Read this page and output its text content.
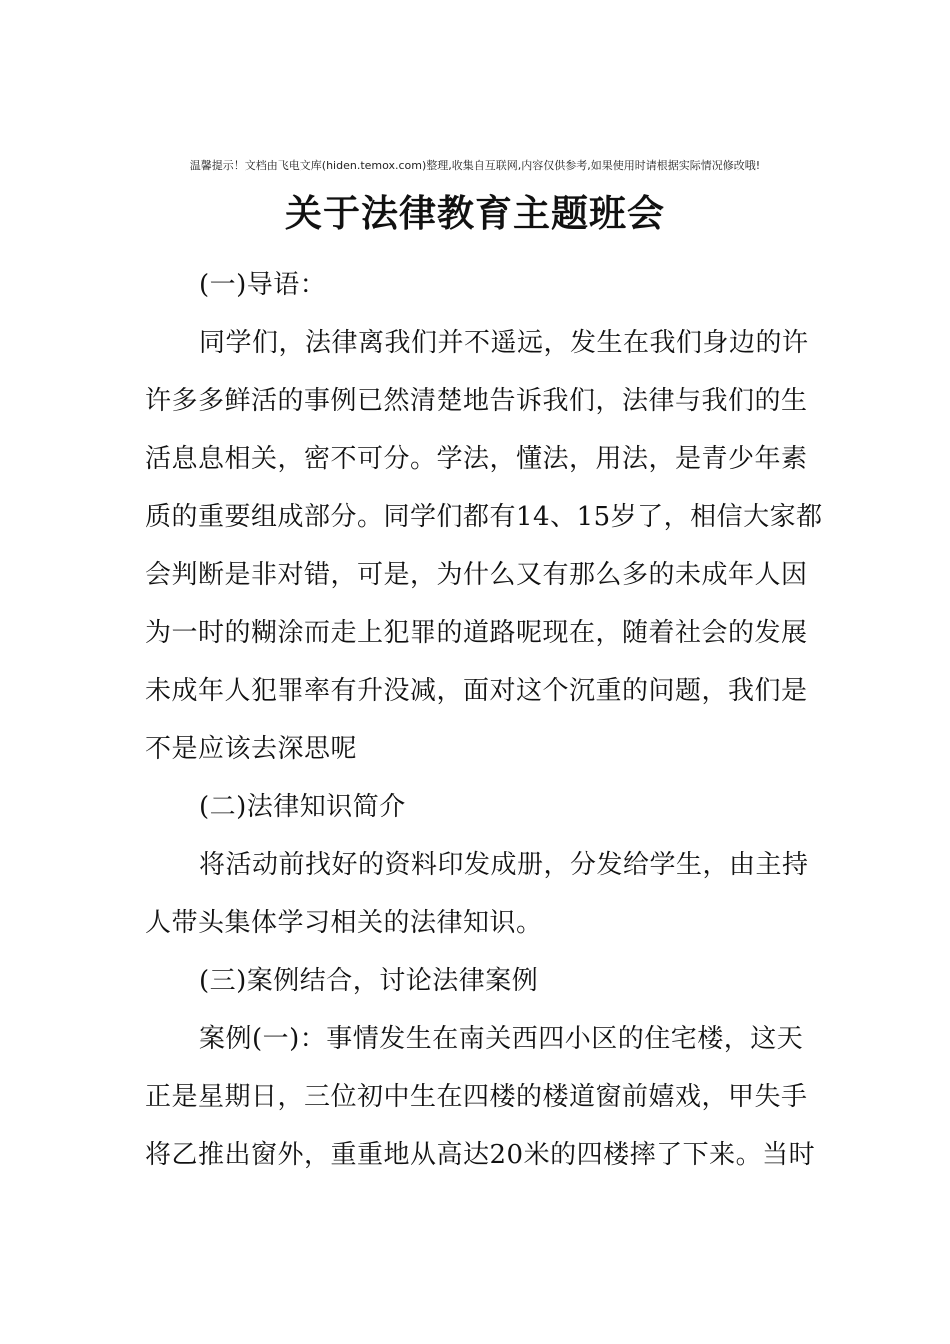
温馨提示！文档由飞电文库(hiden.temox.com)整理,收集自互联网,内容仅供参考,如果使用时请根据实际情况修改哦!
关于法律教育主题班会
(一)导语：
同学们，法律离我们并不遥远，发生在我们身边的许
许多多鲜活的事例已然清楚地告诉我们，法律与我们的生
活息息相关，密不可分。学法，懂法，用法，是青少年素
质的重要组成部分。同学们都有14、15岁了，相信大家都
会判断是非对错，可是，为什么又有那么多的未成年人因
为一时的糊涂而走上犯罪的道路呢现在，随着社会的发展
未成年人犯罪率有升没减，面对这个沉重的问题，我们是
不是应该去深思呢
(二)法律知识简介
将活动前找好的资料印发成册，分发给学生，由主持
人带头集体学习相关的法律知识。
(三)案例结合，讨论法律案例
案例(一)：事情发生在南关西四小区的住宅楼，这天
正是星期日，三位初中生在四楼的楼道窗前嬉戏，甲失手
将乙推出窗外，重重地从高达20米的四楼摔了下来。当时
